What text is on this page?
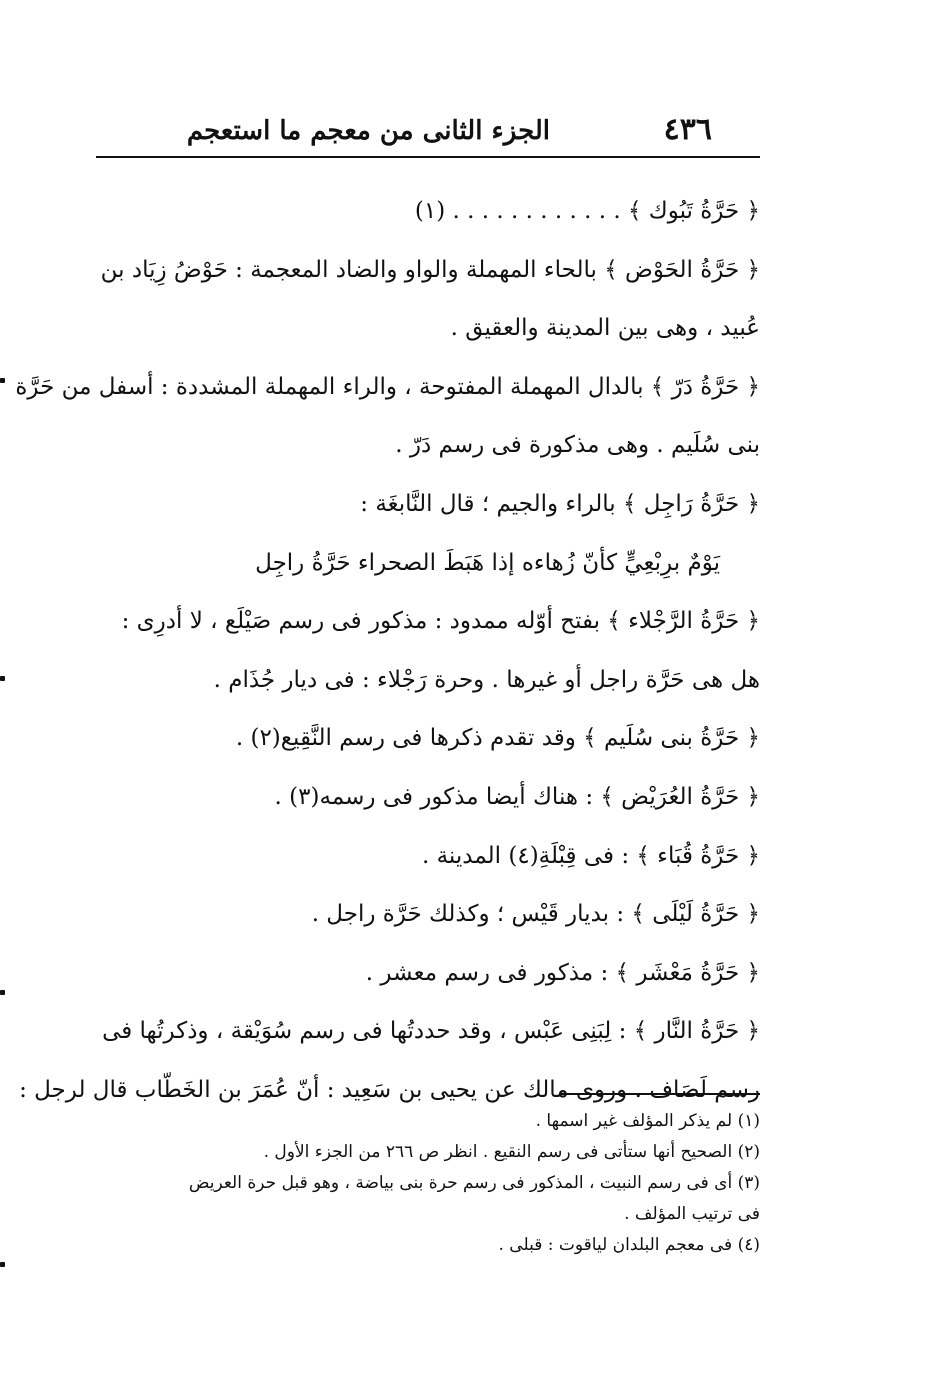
٤٣٦
الجزء الثانى من معجم ما استعجم
﴿ حَرَّةُ تَبُوك ﴾ . . . . . . . . . . . . (١)
﴿ حَرَّةُ الحَوْض ﴾ بالحاء المهملة والواو والضاد المعجمة : حَوْضُ زِيَاد بن
عُبيد ، وهى بين المدينة والعقيق .
﴿ حَرَّةُ دَرّ ﴾ بالدال المهملة المفتوحة ، والراء المهملة المشددة : أسفل من حَرَّة
بنى سُلَيم . وهى مذكورة فى رسم دَرّ .
﴿ حَرَّةُ رَاجِل ﴾ بالراء والجيم ؛ قال النَّابغَة :
يَوْمٌ برِبْعِيٍّ كأنّ زُهاءه إذا هَبَطَ الصحراء حَرَّةُ راجِل
﴿ حَرَّةُ الرَّجْلاء ﴾ بفتح أوّله ممدود : مذكور فى رسم صَيْلَع ، لا أدرِى :
هل هى حَرَّة راجل أو غيرها . وحرة رَجْلاء : فى ديار جُذَام .
﴿ حَرَّةُ بنى سُلَيم ﴾ وقد تقدم ذكرها فى رسم النَّقِيع(٢) .
﴿ حَرَّةُ العُرَيْض ﴾ : هناك أيضا مذكور فى رسمه(٣) .
﴿ حَرَّةُ قُبَاء ﴾ : فى قِبْلَةِ(٤) المدينة .
﴿ حَرَّةُ لَيْلَى ﴾ : بديار قَيْس ؛ وكذلك حَرَّة راجل .
﴿ حَرَّةُ مَعْشَر ﴾ : مذكور فى رسم معشر .
﴿ حَرَّةُ النَّار ﴾ : لِبَنِى عَبْس ، وقد حددتُها فى رسم سُوَيْقة ، وذكرتُها فى
رسم لَصَاف . وروى مالك عن يحيى بن سَعِيد : أنّ عُمَرَ بن الخَطّاب قال لرجل :
(١) لم يذكر المؤلف غير اسمها .
(٢) الصحيح أنها ستأتى فى رسم النقيع . انظر ص ٢٦٦ من الجزء الأول .
(٣) أى فى رسم النبيت ، المذكور فى رسم حرة بنى بياضة ، وهو قبل حرة العريض
فى ترتيب المؤلف .
(٤) فى معجم البلدان لياقوت : قبلى .
